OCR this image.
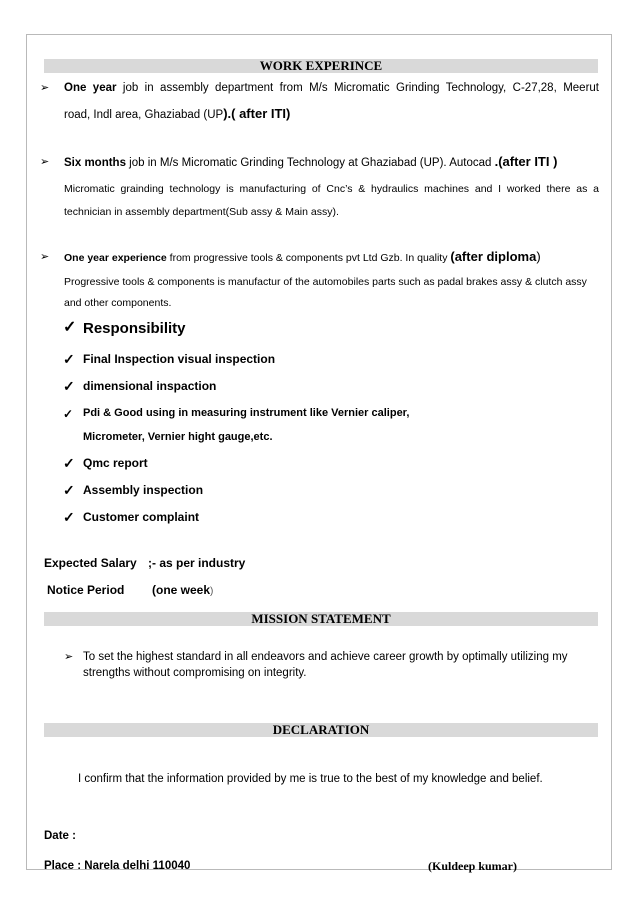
WORK EXPERINCE
➢ One year job in assembly department from M/s Micromatic Grinding Technology, C-27,28, Meerut
road, Indl area, Ghaziabad (UP).( after ITI)
➢ Six months job in M/s Micromatic Grinding Technology at Ghaziabad (UP). Autocad .(after ITI )
Micromatic grainding technology is manufacturing of Cnc’s & hydraulics machines and I worked there as a
technician in assembly department(Sub assy & Main assy).
➢ One year experience from progressive tools & components pvt Ltd Gzb. In quality (after diploma)
Progressive tools & components is manufactur of the automobiles parts such as padal brakes assy & clutch assy
and other components.
✓ Responsibility
✓ Final Inspection visual inspection
✓ dimensional inspaction
✓ Pdi & Good using in measuring instrument like Vernier caliper,
Micrometer, Vernier hight gauge,etc.
✓ Qmc report
✓ Assembly inspection
✓ Customer complaint
Expected Salary ;- as per industry
Notice Period (one week)
MISSION STATEMENT
➢ To set the highest standard in all endeavors and achieve career growth by optimally utilizing my
strengths without compromising on integrity.
DECLARATION
I confirm that the information provided by me is true to the best of my knowledge and belief.
Date :
Place : Narela delhi 110040	(Kuldeep kumar)
